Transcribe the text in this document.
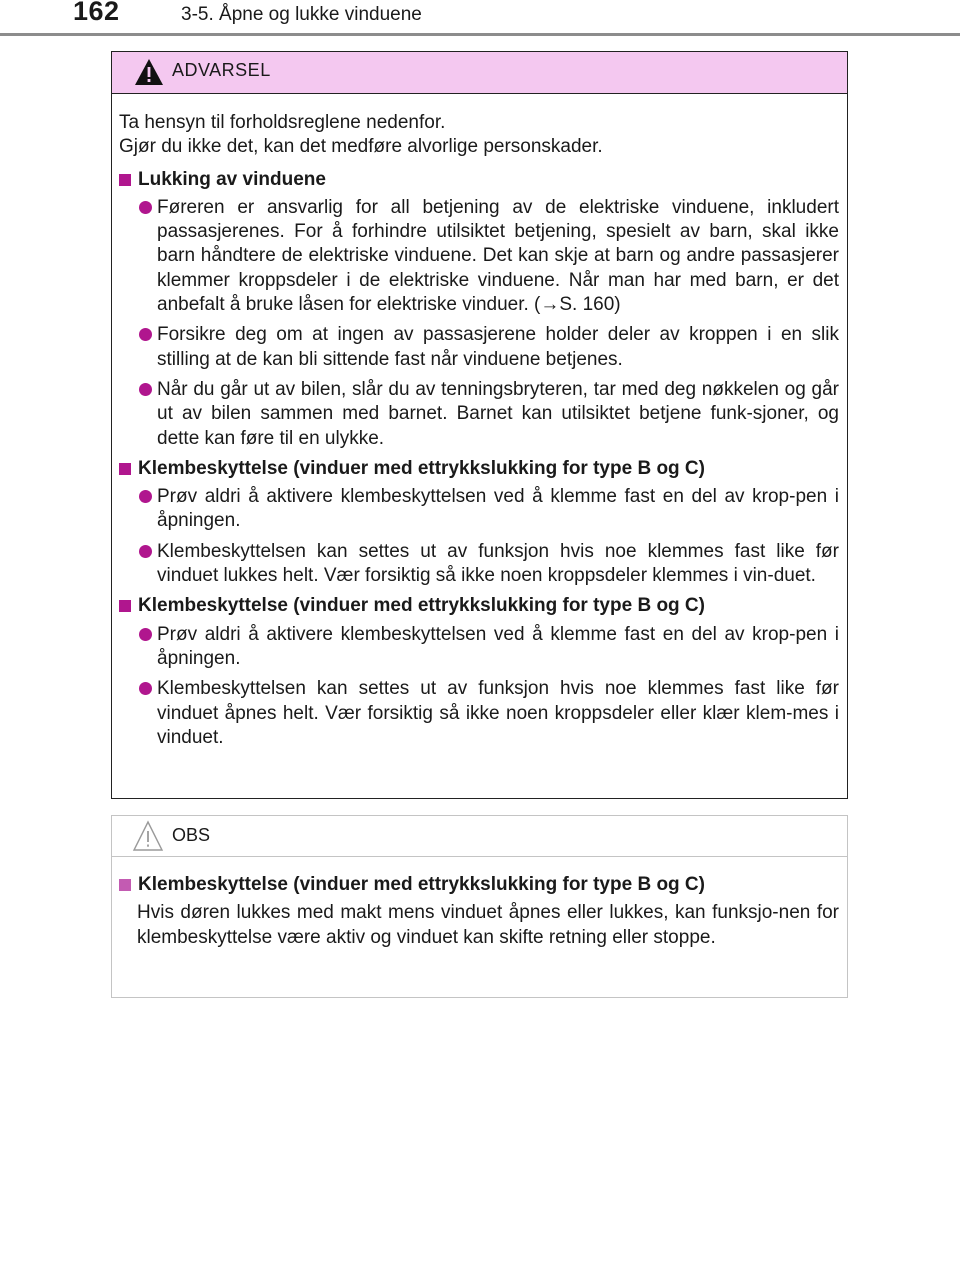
162	3-5. Åpne og lukke vinduene
ADVARSEL

Ta hensyn til forholdsreglene nedenfor.
Gjør du ikke det, kan det medføre alvorlige personskader.

Lukking av vinduene

Føreren er ansvarlig for all betjening av de elektriske vinduene, inkludert passasjerenes. For å forhindre utilsiktet betjening, spesielt av barn, skal ikke barn håndtere de elektriske vinduene. Det kan skje at barn og andre passasjerer klemmer kroppsdeler i de elektriske vinduene. Når man har med barn, er det anbefalt å bruke låsen for elektriske vinduer. (→S. 160)

Forsikre deg om at ingen av passasjerene holder deler av kroppen i en slik stilling at de kan bli sittende fast når vinduene betjenes.

Når du går ut av bilen, slår du av tenningsbryteren, tar med deg nøkkelen og går ut av bilen sammen med barnet. Barnet kan utilsiktet betjene funk-sjoner, og dette kan føre til en ulykke.

Klembeskyttelse (vinduer med ettrykkslukking for type B og C)

Prøv aldri å aktivere klembeskyttelsen ved å klemme fast en del av krop-pen i åpningen.

Klembeskyttelsen kan settes ut av funksjon hvis noe klemmes fast like før vinduet lukkes helt. Vær forsiktig så ikke noen kroppsdeler klemmes i vin-duet.

Klembeskyttelse (vinduer med ettrykkslukking for type B og C)

Prøv aldri å aktivere klembeskyttelsen ved å klemme fast en del av krop-pen i åpningen.

Klembeskyttelsen kan settes ut av funksjon hvis noe klemmes fast like før vinduet åpnes helt. Vær forsiktig så ikke noen kroppsdeler eller klær klem-mes i vinduet.

OBS
Klembeskyttelse (vinduer med ettrykkslukking for type B og C)

Hvis døren lukkes med makt mens vinduet åpnes eller lukkes, kan funksjo-nen for klembeskyttelse være aktiv og vinduet kan skifte retning eller stoppe.
